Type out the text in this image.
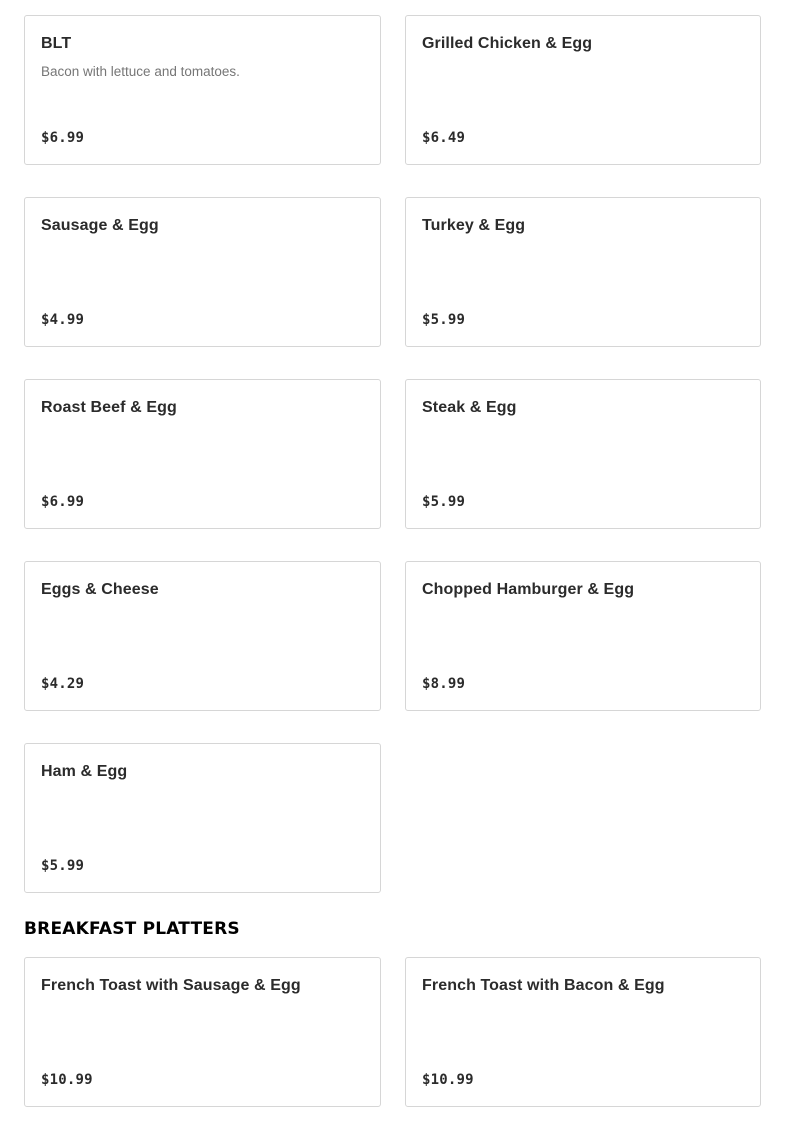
BLT
Bacon with lettuce and tomatoes.
$6.99
Grilled Chicken & Egg
$6.49
Sausage & Egg
$4.99
Turkey & Egg
$5.99
Roast Beef & Egg
$6.99
Steak & Egg
$5.99
Eggs & Cheese
$4.29
Chopped Hamburger & Egg
$8.99
Ham & Egg
$5.99
BREAKFAST PLATTERS
French Toast with Sausage & Egg
$10.99
French Toast with Bacon & Egg
$10.99
